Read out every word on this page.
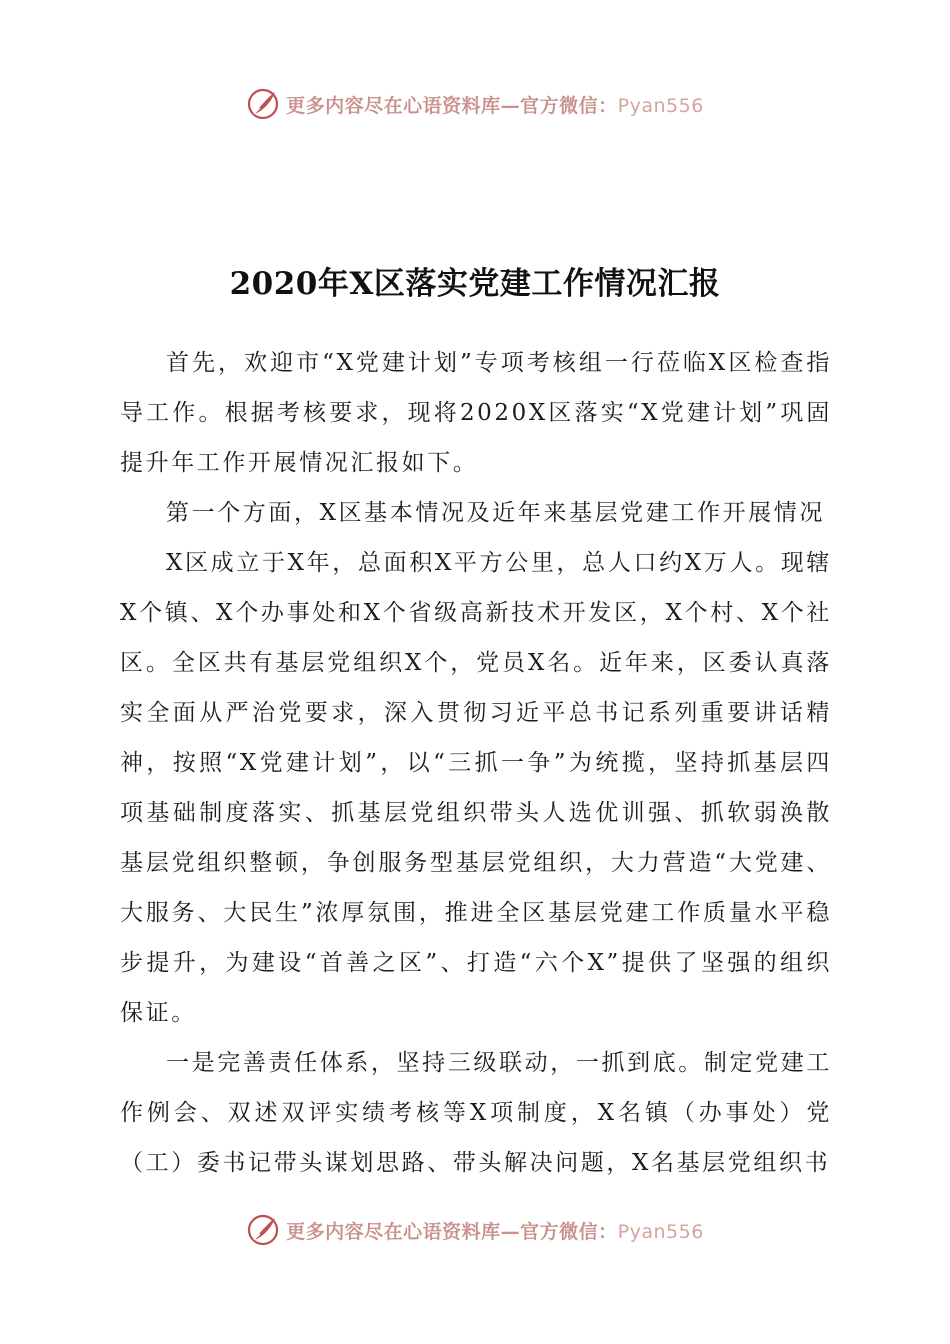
更多内容尽在心语资料库—官方微信：Pyan556
2020年X区落实党建工作情况汇报

首先，欢迎市“X党建计划”专项考核组一行莅临X区检查指导工作。根据考核要求，现将2020X区落实“X党建计划”巩固提升年工作开展情况汇报如下。

第一个方面，X区基本情况及近年来基层党建工作开展情况

X区成立于X年，总面积X平方公里，总人口约X万人。现辖X个镇、X个办事处和X个省级高新技术开发区，X个村、X个社区。全区共有基层党组织X个，党员X名。近年来，区委认真落实全面从严治党要求，深入贯彻习近平总书记系列重要讲话精神，按照“X党建计划”，以“三抓一争”为统揽，坚持抓基层四项基础制度落实、抓基层党组织带头人选优训强、抓软弱涣散基层党组织整顿，争创服务型基层党组织，大力营造“大党建、大服务、大民生”浓厚氛围，推进全区基层党建工作质量水平稳步提升，为建设“首善之区”、打造“六个X”提供了坚强的组织保证。

一是完善责任体系，坚持三级联动，一抓到底。制定党建工作例会、双述双评实绩考核等X项制度，X名镇（办事处）党（工）委书记带头谋划思路、带头解决问题，X名基层党组织书

更多内容尽在心语资料库—官方微信：Pyan556
